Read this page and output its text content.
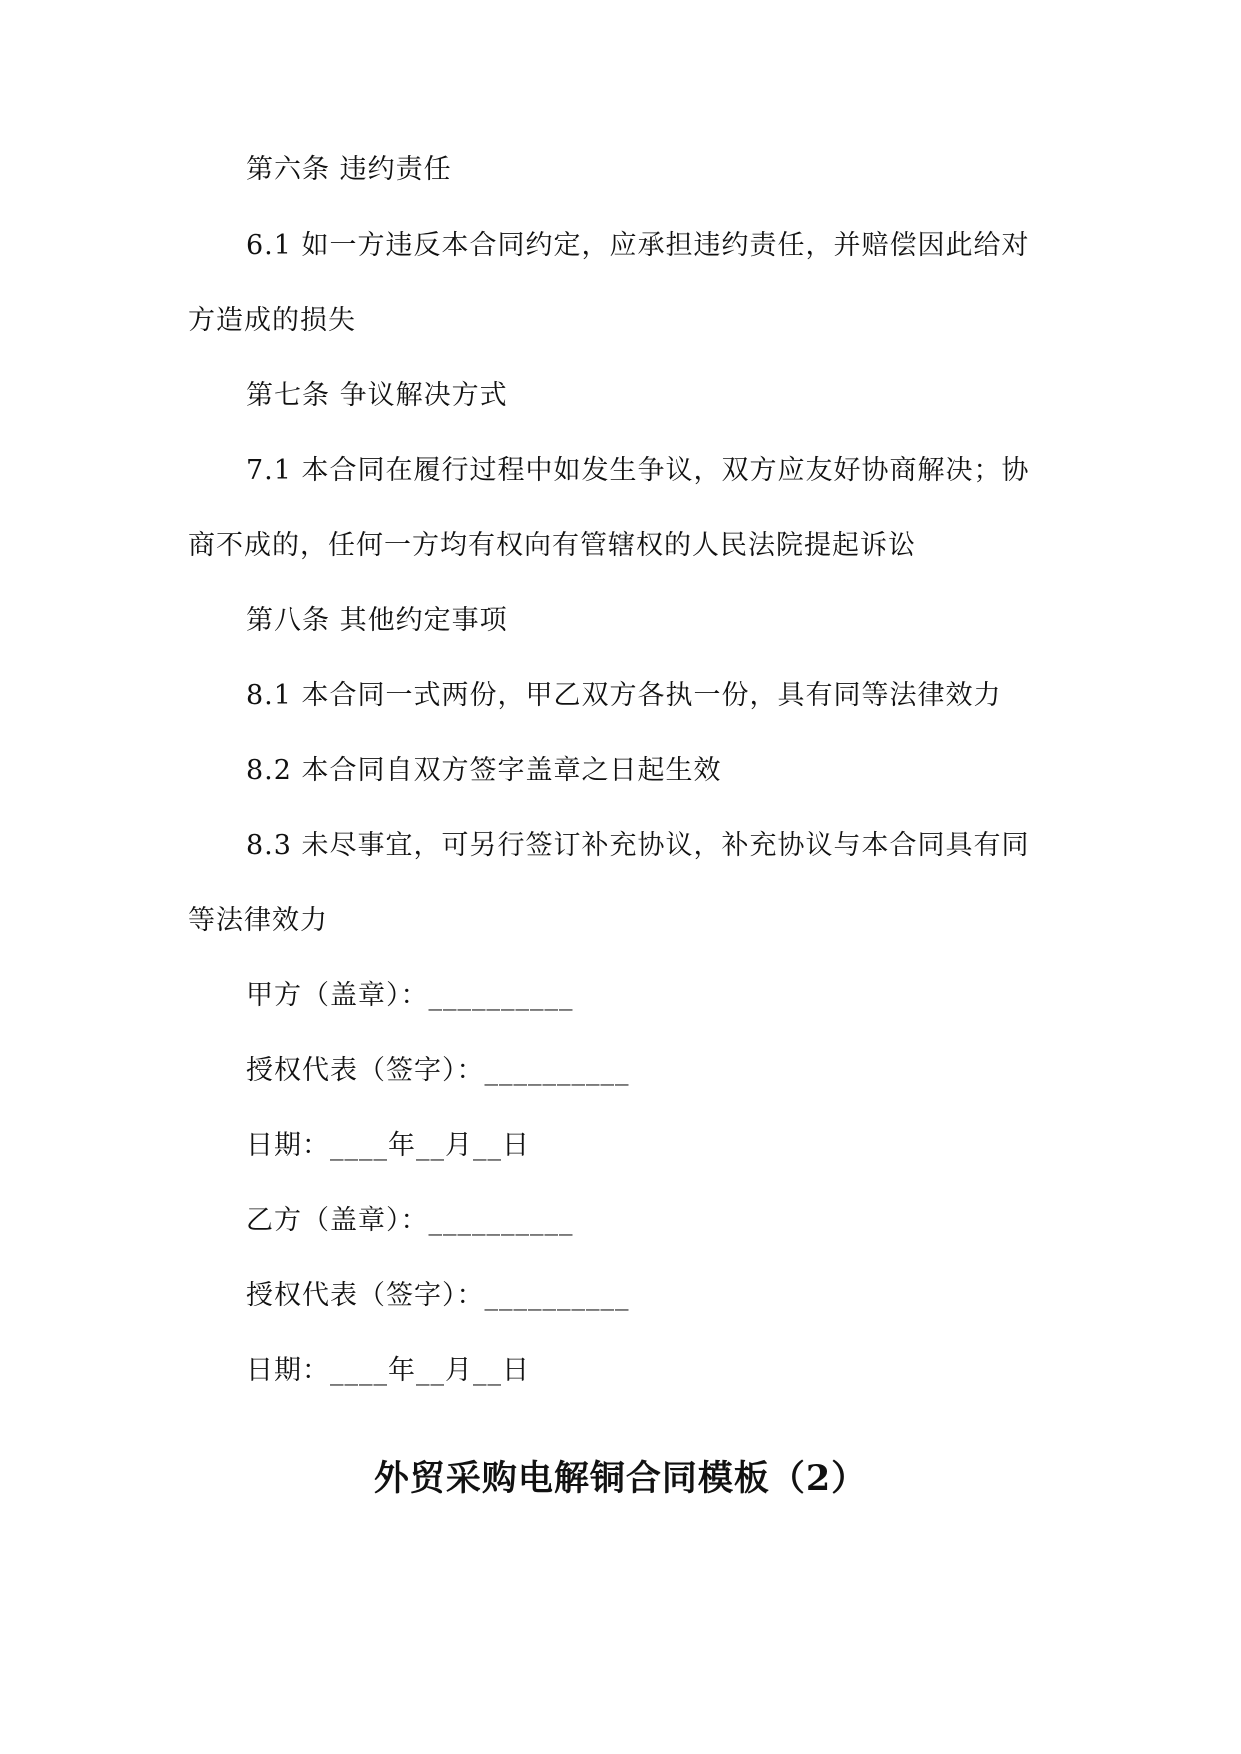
第六条 违约责任
6.1 如一方违反本合同约定，应承担违约责任，并赔偿因此给对
方造成的损失
第七条 争议解决方式
7.1 本合同在履行过程中如发生争议，双方应友好协商解决；协
商不成的，任何一方均有权向有管辖权的人民法院提起诉讼
第八条 其他约定事项
8.1 本合同一式两份，甲乙双方各执一份，具有同等法律效力
8.2 本合同自双方签字盖章之日起生效
8.3 未尽事宜，可另行签订补充协议，补充协议与本合同具有同
等法律效力
甲方（盖章）：__________
授权代表（签字）：__________
日期：____年__月__日
乙方（盖章）：__________
授权代表（签字）：__________
日期：____年__月__日
外贸采购电解铜合同模板（2）
